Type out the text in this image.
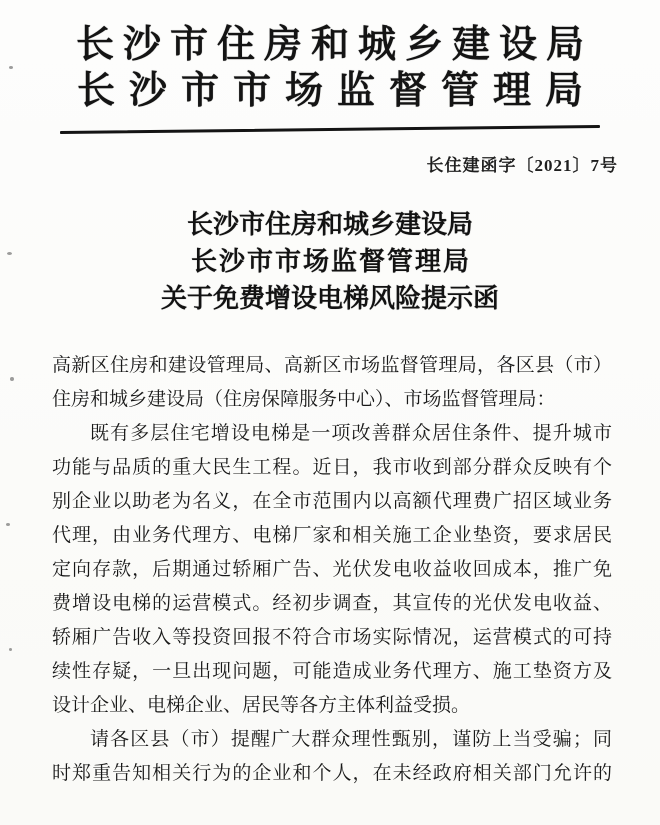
长沙市住房和城乡建设局
长沙市市场监督管理局
长住建函字〔2021〕7号
长沙市住房和城乡建设局
长沙市市场监督管理局
关于免费增设电梯风险提示函
高新区住房和建设管理局、高新区市场监督管理局，各区县（市）
住房和城乡建设局（住房保障服务中心）、市场监督管理局：
既有多层住宅增设电梯是一项改善群众居住条件、提升城市
功能与品质的重大民生工程。近日，我市收到部分群众反映有个
别企业以助老为名义，在全市范围内以高额代理费广招区域业务
代理，由业务代理方、电梯厂家和相关施工企业垫资，要求居民
定向存款，后期通过轿厢广告、光伏发电收益收回成本，推广免
费增设电梯的运营模式。经初步调查，其宣传的光伏发电收益、
轿厢广告收入等投资回报不符合市场实际情况，运营模式的可持
续性存疑，一旦出现问题，可能造成业务代理方、施工垫资方及
设计企业、电梯企业、居民等各方主体利益受损。
请各区县（市）提醒广大群众理性甄别，谨防上当受骗；同
时郑重告知相关行为的企业和个人，在未经政府相关部门允许的
